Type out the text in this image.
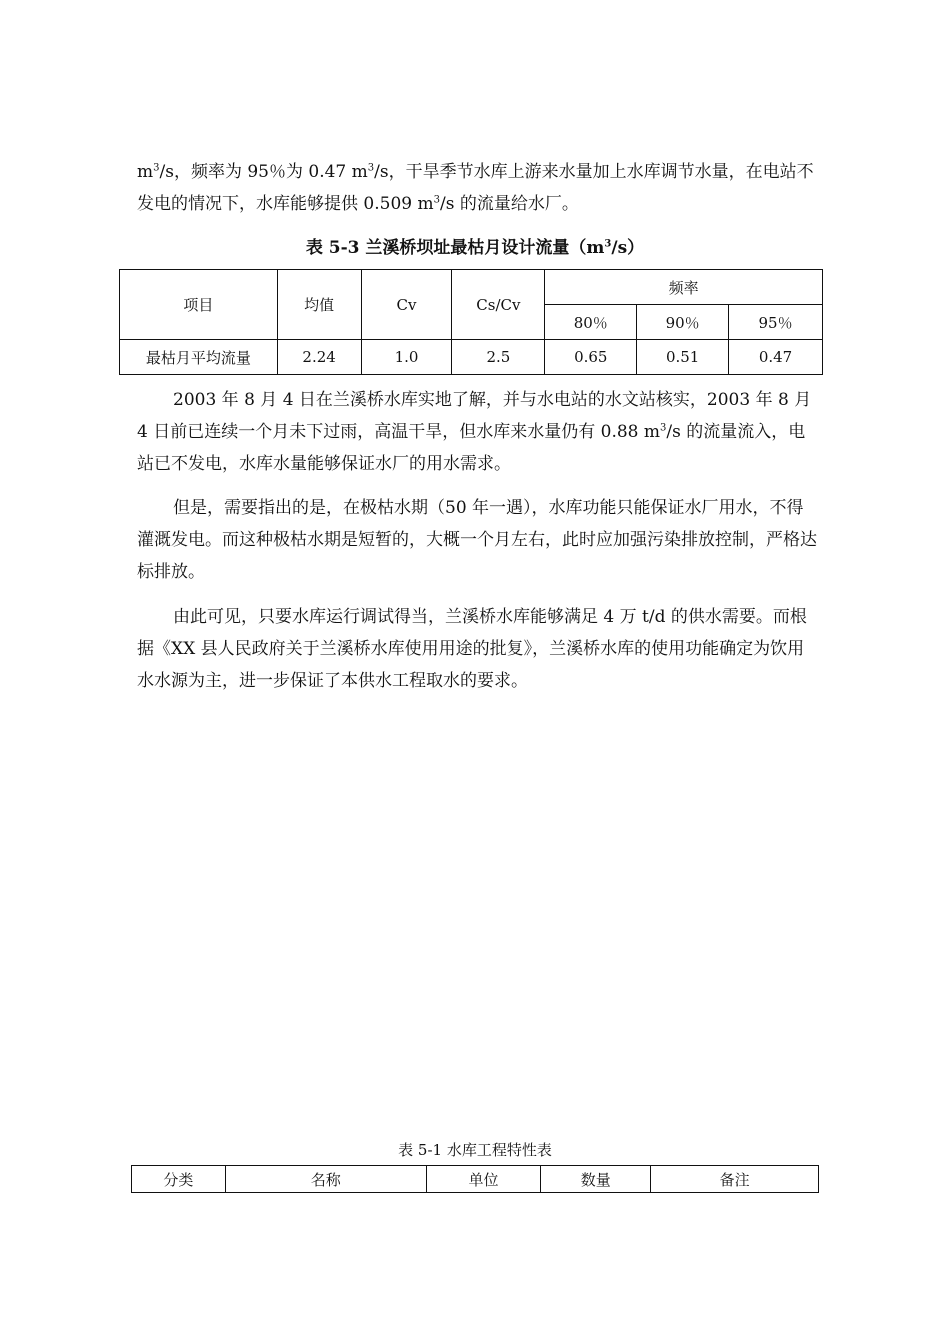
$m^3/s$，频率为 95％为 0.47 $m^3/s$，干旱季节水库上游来水量加上水库调节水量，在电站不发电的情况下，水库能够提供 0.509 $m^3/s$ 的流量给水厂。

表 5-3 兰溪桥坝址最枯月设计流量$(m^3/s)$

项目	均值	Cv	Cs/Cv	频率		
				80％	90％	95％
最枯月平均流量	2.24	1.0	2.5	0.65	0.51	0.47

2003 年 8 月 4 日在兰溪桥水库实地了解，并与水电站的水文站核实，2003 年 8 月 4 日前已连续一个月未下过雨，高温干旱，但水库来水量仍有 0.88 $m^3/s$ 的流量流入，电站已不发电，水库水量能够保证水厂的用水需求。

但是，需要指出的是，在极枯水期（50 年一遇），水库功能只能保证水厂用水，不得灌溉发电。而这种极枯水期是短暂的，大概一个月左右，此时应加强污染排放控制，严格达标排放。

由此可见，只要水库运行调试得当，兰溪桥水库能够满足 4 万 t/d 的供水需要。而根据《XX 县人民政府关于兰溪桥水库使用用途的批复》，兰溪桥水库的使用功能确定为饮用水水源为主，进一步保证了本供水工程取水的要求。

表 5-1 水库工程特性表

分类	名称	单位	数量	备注
